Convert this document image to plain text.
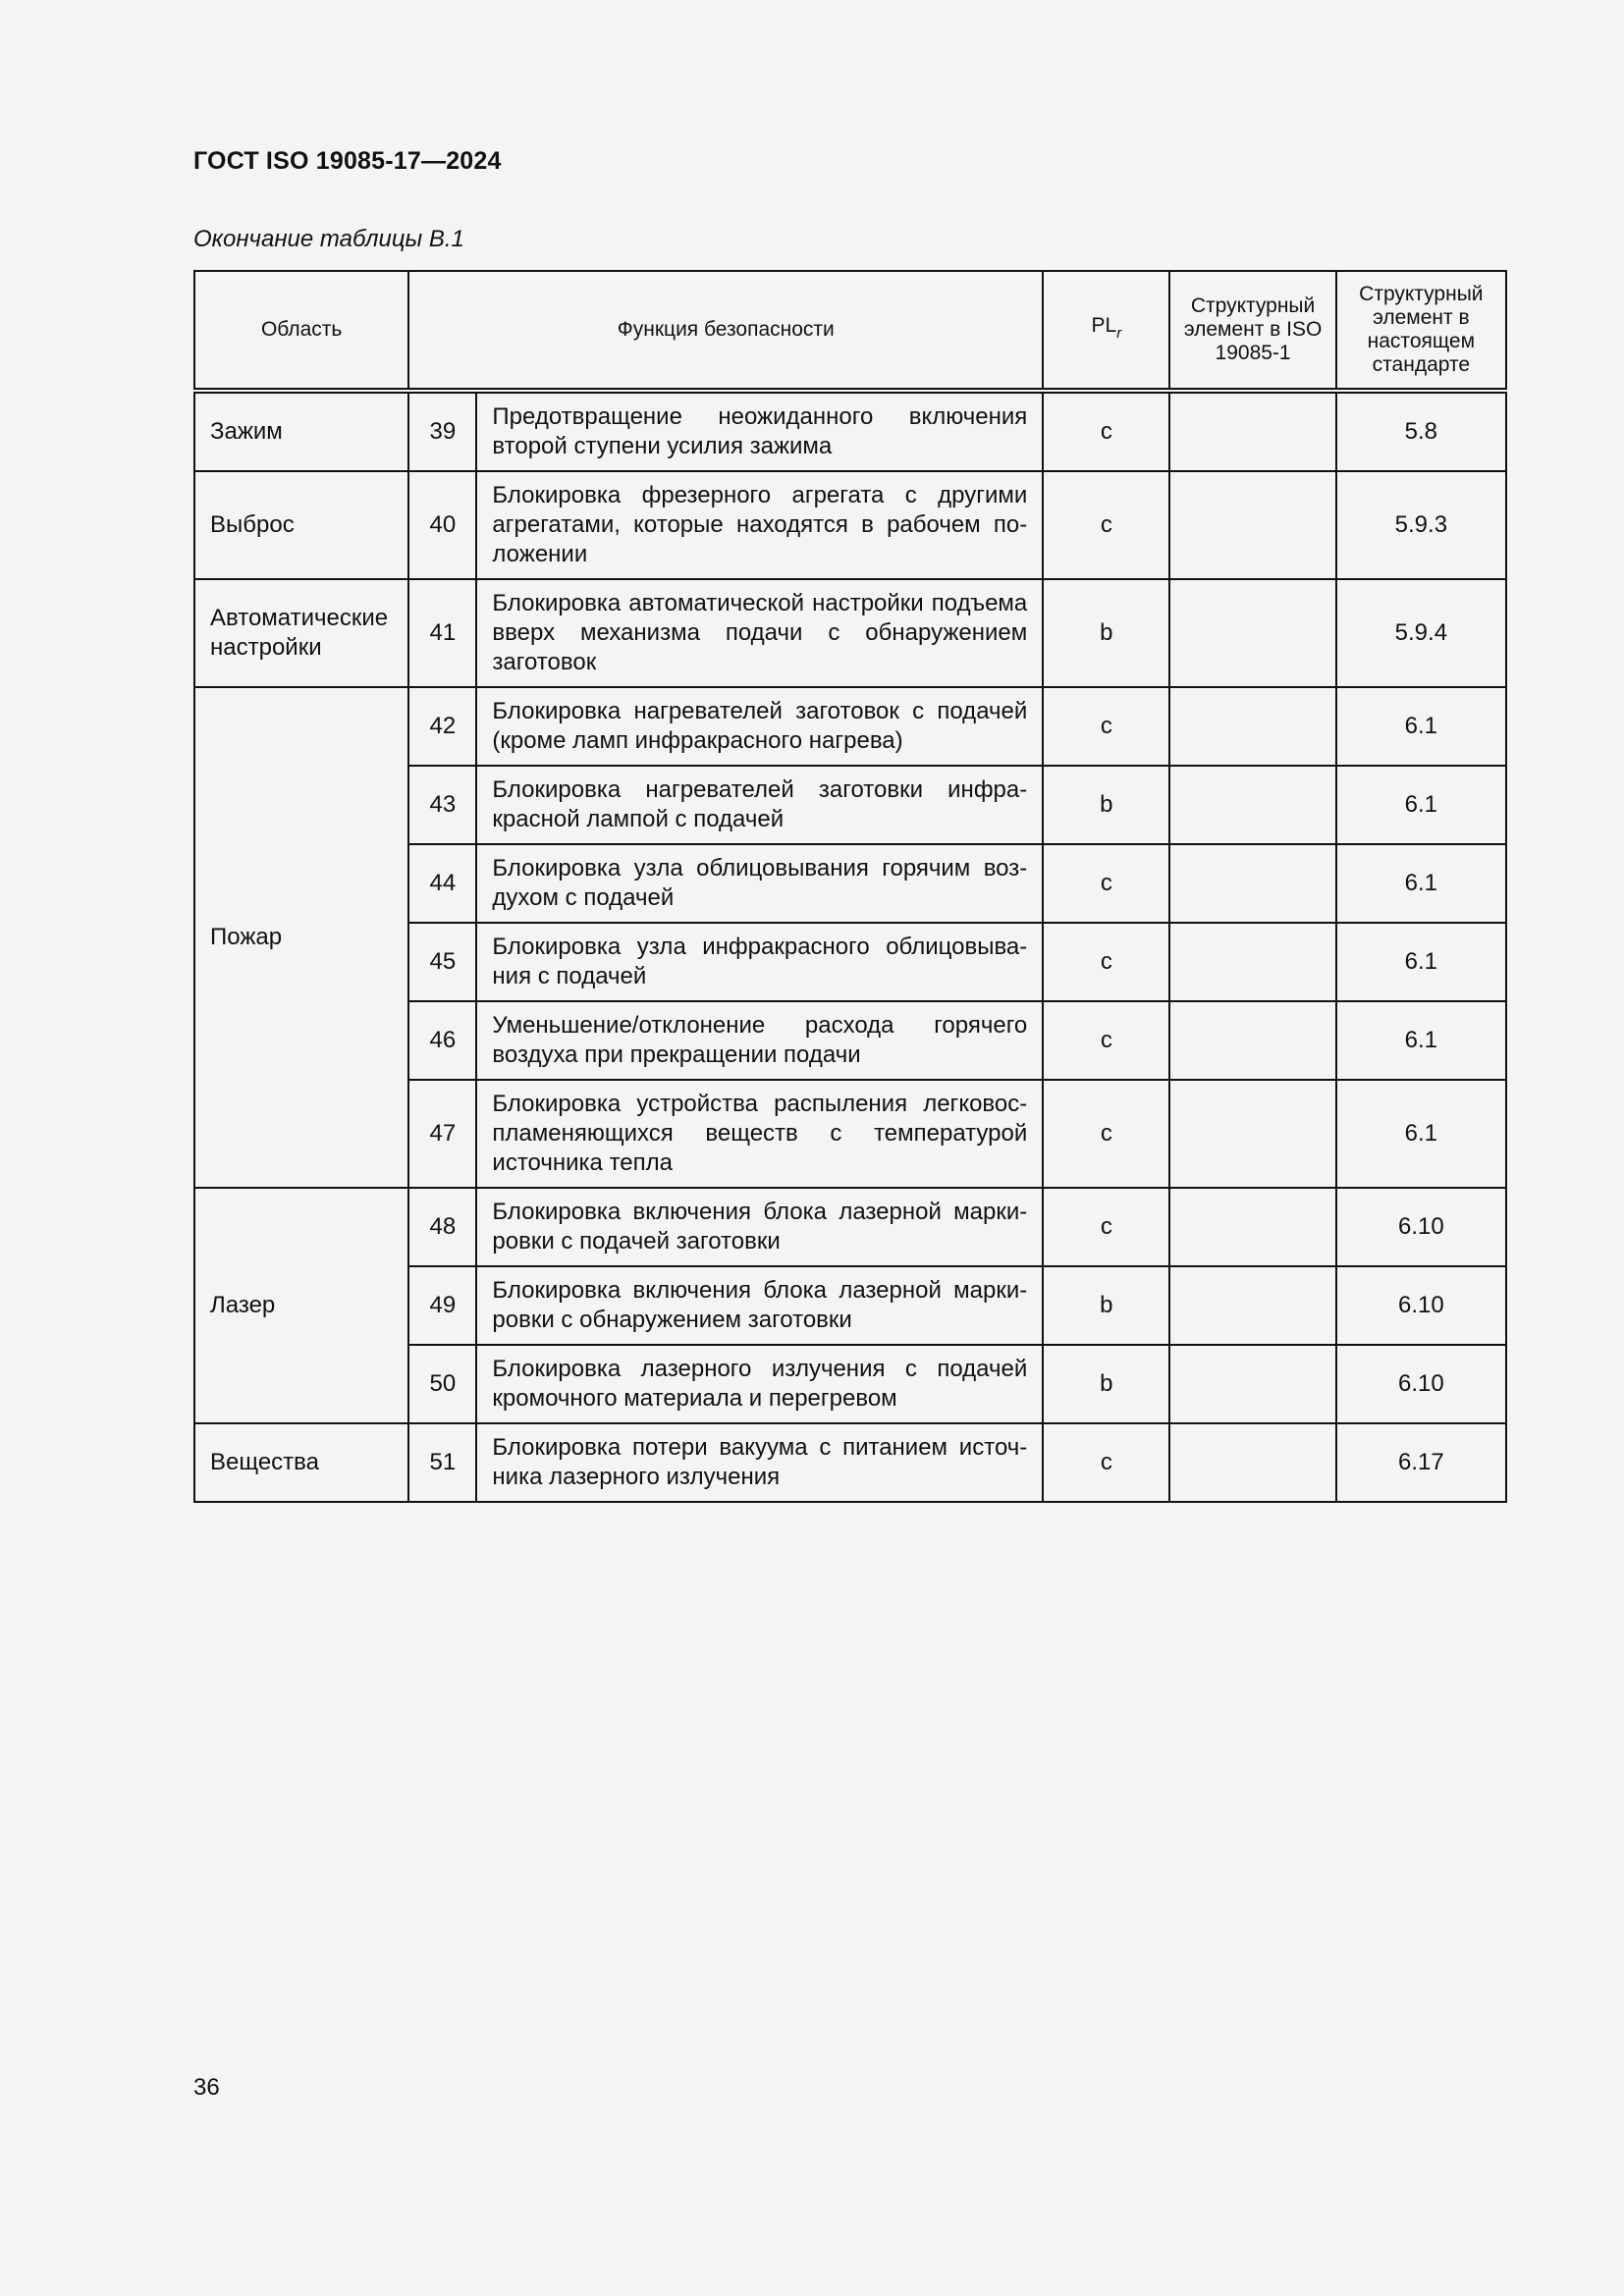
ГОСТ ISO 19085-17—2024
Окончание таблицы В.1
Область	Функция безопасности		$PL_r$	Структурный элемент в ISO 19085-1	Структурный элемент в настоящем стандарте
Зажим	39	Предотвращение неожиданного включения второй ступени усилия зажима	c		5.8
Выброс	40	Блокировка фрезерного агрегата с другими агрегатами, которые находятся в рабочем положении	c		5.9.3
Автоматические настройки	41	Блокировка автоматической настройки подъема вверх механизма подачи с обнаружением заготовок	b		5.9.4
Пожар	42	Блокировка нагревателей заготовок с подачей (кроме ламп инфракрасного нагрева)	c		6.1
	43	Блокировка нагревателей заготовки инфракрасной лампой с подачей	b		6.1
	44	Блокировка узла облицовывания горячим воздухом с подачей	c		6.1
	45	Блокировка узла инфракрасного облицовывания с подачей	c		6.1
	46	Уменьшение/отклонение расхода горячего воздуха при прекращении подачи	c		6.1
	47	Блокировка устройства распыления легковоспламеняющихся веществ с температурой источника тепла	c		6.1
Лазер	48	Блокировка включения блока лазерной маркировки с подачей заготовки	c		6.10
	49	Блокировка включения блока лазерной маркировки с обнаружением заготовки	b		6.10
	50	Блокировка лазерного излучения с подачей кромочного материала и перегревом	b		6.10
Вещества	51	Блокировка потери вакуума с питанием источника лазерного излучения	c		6.17
36
